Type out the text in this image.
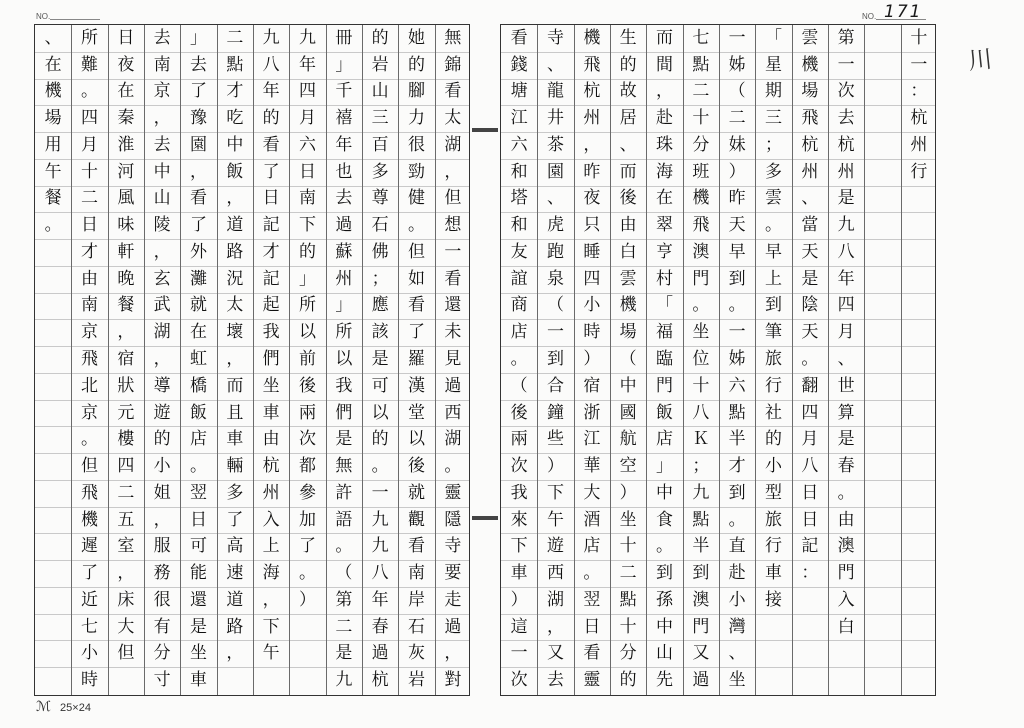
NO.	NO. 171
、
在
機
場
用
午
餐
。
所
難
。
四
月
十
二
日
才
由
南
京
飛
北
京
。
但
飛
機
遲
了
近
七
小
時
日
夜
在
秦
淮
河
風
味
軒
晚
餐
，
宿
狀
元
樓
四
二
五
室
，
床
大
但
去
南
京
，
去
中
山
陵
，
玄
武
湖
，
導
遊
的
小
姐
，
服
務
很
有
分
寸
」
去
了
豫
園
，
看
了
外
灘
就
在
虹
橋
飯
店
。
翌
日
可
能
還
是
坐
車
二
點
才
吃
中
飯
，
道
路
況
太
壞
，
而
且
車
輛
多
了
高
速
道
路
，
九
八
年
的
看
了
日
記
才
記
起
我
們
坐
車
由
杭
州
入
上
海
，
下
午
九
年
四
月
六
日
南
下
的
」
所
以
前
後
兩
次
都
參
加
了
。
）
冊
」
千
禧
年
也
去
過
蘇
州
」
所
以
我
們
是
無
許
語
。
（
第
二
是
九
的
岩
山
三
百
多
尊
石
佛
；
應
該
是
可
以
的
。
一
九
九
八
年
春
過
杭
她
的
腳
力
很
勁
健
。
但
如
看
了
羅
漢
堂
以
後
就
觀
看
南
岸
石
灰
岩
無
錦
看
太
湖
，
但
想
一
看
還
未
見
過
西
湖
。
靈
隱
寺
要
走
過
，
對
看
錢
塘
江
六
和
塔
和
友
誼
商
店
。
（
後
兩
次
我
來
下
車
）
這
一
次
寺
、
龍
井
茶
園
、
虎
跑
泉
（
一
到
合
鐘
些
）
下
午
遊
西
湖
，
又
去
機
飛
杭
州
，
昨
夜
只
睡
四
小
時
）
宿
浙
江
華
大
酒
店
。
翌
日
看
靈
生
的
故
居
、
而
後
由
白
雲
機
場
（
中
國
航
空
）
坐
十
二
點
十
分
的
而
間
，
赴
珠
海
在
翠
亨
村
「
福
臨
門
飯
店
」
中
食
。
到
孫
中
山
先
七
點
二
十
分
班
機
飛
澳
門
。
坐
位
十
八
Ｋ
；
九
點
半
到
澳
門
又
過
一
姊
（
二
妹
）
昨
天
早
到
。
一
姊
六
點
半
才
到
。
直
赴
小
灣
、
坐
「
星
期
三
；
多
雲
。
早
上
到
筆
旅
行
社
的
小
型
旅
行
車
接
雲
機
場
飛
杭
州
、
當
天
是
陰
天
。
翻
四
月
八
日
日
記
：
第
一
次
去
杭
州
是
九
八
年
四
月
、
世
算
是
春
。
由
澳
門
入
白

十
一
：
杭
州
行
川
ℳ 25×24
